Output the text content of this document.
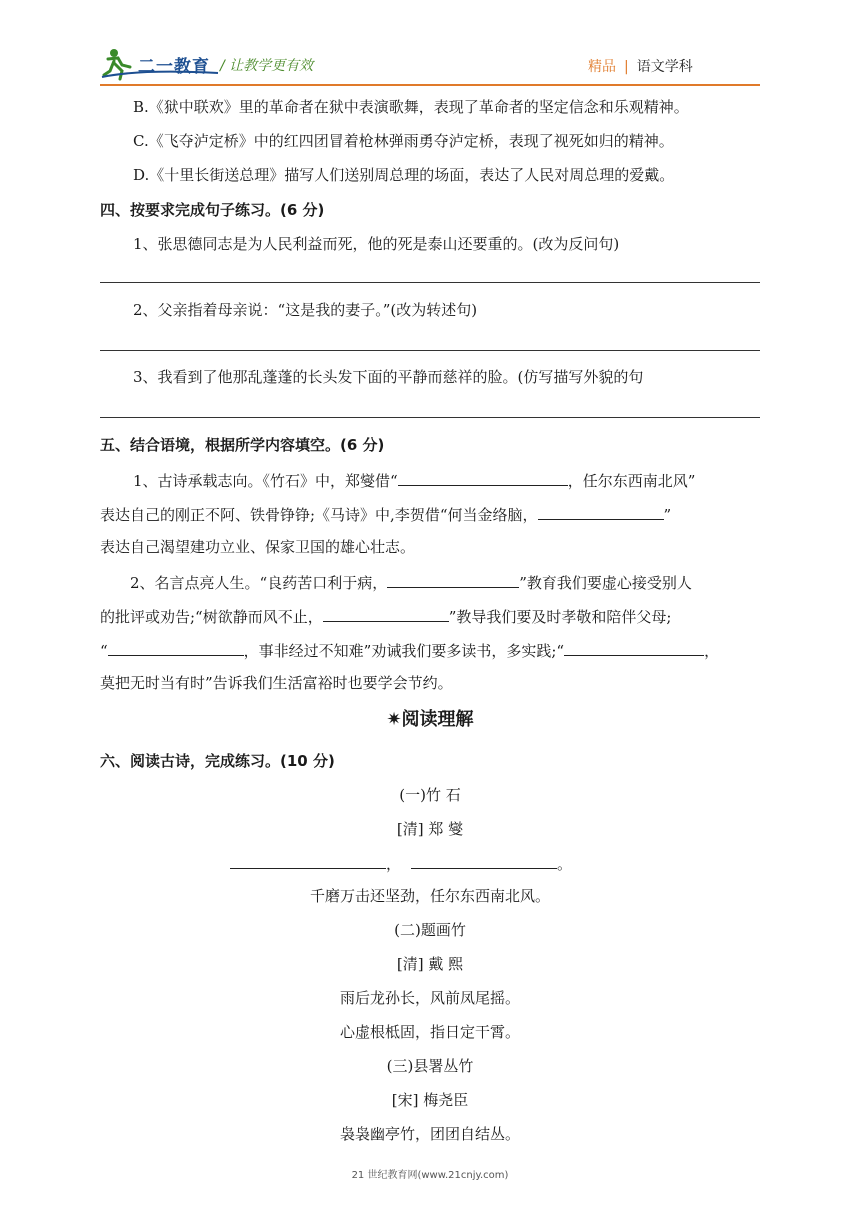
二一教育 / 让教学更有效	精品 | 语文学科
B.《狱中联欢》里的革命者在狱中表演歌舞，表现了革命者的坚定信念和乐观精神。
C.《飞夺泸定桥》中的红四团冒着枪林弹雨勇夺泸定桥，表现了视死如归的精神。
D.《十里长街送总理》描写人们送别周总理的场面，表达了人民对周总理的爱戴。
四、按要求完成句子练习。(6 分)
1、张思德同志是为人民利益而死，他的死是泰山还要重的。(改为反问句)
2、父亲指着母亲说：“这是我的妻子。”(改为转述句)
3、我看到了他那乱蓬蓬的长头发下面的平静而慈祥的脸。(仿写描写外貌的句
五、结合语境，根据所学内容填空。(6 分)
1、古诗承载志向。《竹石》中，郑燮借“	，任尔东西南北风”
表达自己的刚正不阿、铁骨铮铮;《马诗》中,李贺借“何当金络脑，	”
表达自己渴望建功立业、保家卫国的雄心壮志。
2、名言点亮人生。“良药苦口利于病，	”教育我们要虚心接受别人
的批评或劝告;“树欲静而风不止，	”教导我们要及时孝敬和陪伴父母;
“	，事非经过不知难”劝诫我们要多读书，多实践;“	，
莫把无时当有时”告诉我们生活富裕时也要学会节约。
✷阅读理解
六、阅读古诗，完成练习。(10 分)
(一)竹 石
[清] 郑 燮
，	。
千磨万击还坚劲，任尔东西南北风。
(二)题画竹
[清] 戴 熙
雨后龙孙长，风前凤尾摇。
心虚根柢固，指日定干霄。
(三)县署丛竹
[宋] 梅尧臣
袅袅幽亭竹，团团自结丛。
21 世纪教育网(www.21cnjy.com)
